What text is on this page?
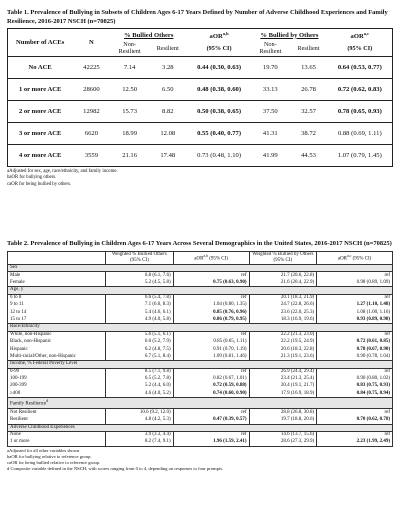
Table 1. Prevalence of Bullying in Subsets of Children Ages 6-17 Years Defined by Number of Adverse Childhood Experiences and Family Resilience, 2016-2017 NSCH (n=70825)
Number of ACEs	N	% Bullied Others		aOR$^{a,b}$	% Bullied by Others		aOR$^{a,c}$
		Non-Resilient	Resilient	(95% CI)	Non-Resilient	Resilient	(95% CI)
No ACE	42225	7.14	3.28	0.44 (0.30, 0.63)	19.70	13.65	0.64 (0.53, 0.77)
1 or more ACE	28600	12.50	6.50	0.48 (0.38, 0.60)	33.13	26.78	0.72 (0.62, 0.83)
2 or more ACE	12982	15.73	8.82	0.50 (0.38, 0.65)	37.50	32.57	0.78 (0.65, 0.93)
3 or more ACE	6620	18.99	12.08	0.55 (0.40, 0.77)	41.31	38.72	0.88 (0.69, 1.11)
4 or more ACE	3559	21.16	17.48	0.73 (0.48, 1.10)	41.99	44.53	1.07 (0.79, 1.45)
aAdjusted for sex, age, race/ethnicity, and family income.
baOR for bullying others.
caOR for being bullied by others.
Table 2. Prevalence of Bullying in Children Ages 6-17 Years Across Several Demographics in the United States, 2016-2017 NSCH (n=70825)
	Weighted % Bullied Others (95% CI)	aOR$^{a,b}$ (95% CI)	Weighted % Bullied by Others (95% CI)	aOR$^{a,c}$ (95% CI)
Sex				
Male	6.8 (6.1, 7.6)	ref	21.7 (20.6, 22.8)	ref
Female	5.2 (4.5, 5.8)	0.75 (0.63, 0.90)	21.6 (20.4, 22.9)	0.98 (0.89, 1.09)
Age, y				
6 to 8	6.6 (5.4, 7.8)	ref	20.1 (18.3, 21.9)	ref
9 to 11	7.1 (6.0, 8.3)	1.04 (0.80, 1.35)	24.7 (22.8, 26.6)	1.27 (1.10, 1.48)
12 to 14	5.4 (4.6, 6.1)	0.85 (0.76, 0.96)	23.6 (22.0, 25.3)	1.08 (1.00, 1.16)
15 to 17	4.9 (4.0, 5.8)	0.86 (0.79, 0.95)	18.3 (16.9, 19.6)	0.93 (0.89, 0.98)
Race/Ethnicity				
White, non-Hispanic	5.6 (5.1, 6.1)	ref	22.2 (21.3, 23.0)	ref
Black, non-Hispanic	6.6 (5.2, 7.9)	0.85 (0.65, 1.11)	22.2 (19.5, 24.9)	0.72 (0.61, 0.85)
Hispanic	6.2 (4.8, 7.5)	0.91 (0.70, 1.19)	20.6 (18.3, 22.8)	0.78 (0.67, 0.90)
Multi-racial/Other, non-Hispanic	6.7 (5.1, 8.4)	1.09 (0.81, 1.46)	21.3 (19.1, 23.6)	0.90 (0.78, 1.04)
Income, % Federal Poverty Level				
0-99	8.5 (7.1, 9.8)	ref	26.9 (24.4, 29.4)	ref
100-199	6.5 (5.2, 7.8)	0.82 (0.67, 1.01)	23.4 (21.3, 25.4)	0.90 (0.80, 1.02)
200-399	5.2 (4.4, 6.0)	0.72 (0.59, 0.88)	20.4 (19.1, 21.7)	0.83 (0.75, 0.93)
≥400	4.6 (4.0, 5.2)	0.74 (0.60, 0.90)	17.9 (16.9, 18.9)	0.84 (0.75, 0.94)
Family Resilience$^d$
Not Resilient	10.6 (9.2, 12.0)	ref	28.8 (26.8, 30.8)	ref
Resilient	4.8 (4.2, 5.3)	0.47 (0.39, 0.57)	19.7 (18.8, 20.6)	0.70 (0.62, 0.78)
Adverse Childhood Experiences				
None	3.9 (3.3, 4.4)	ref	14.6 (13.7, 15.6)	ref
1 or more	8.2 (7.4, 9.1)	1.96 (1.59, 2.41)	28.6 (27.3, 29.9)	2.23 (1.99, 2.49)
aAdjusted for all other variables shown.
baOR for bullying relative to reference group.
caOR for being bullied relative to reference group.
d Composite variable defined in the NSCH, with scores ranging from 0 to 4, depending on responses to four prompts.
